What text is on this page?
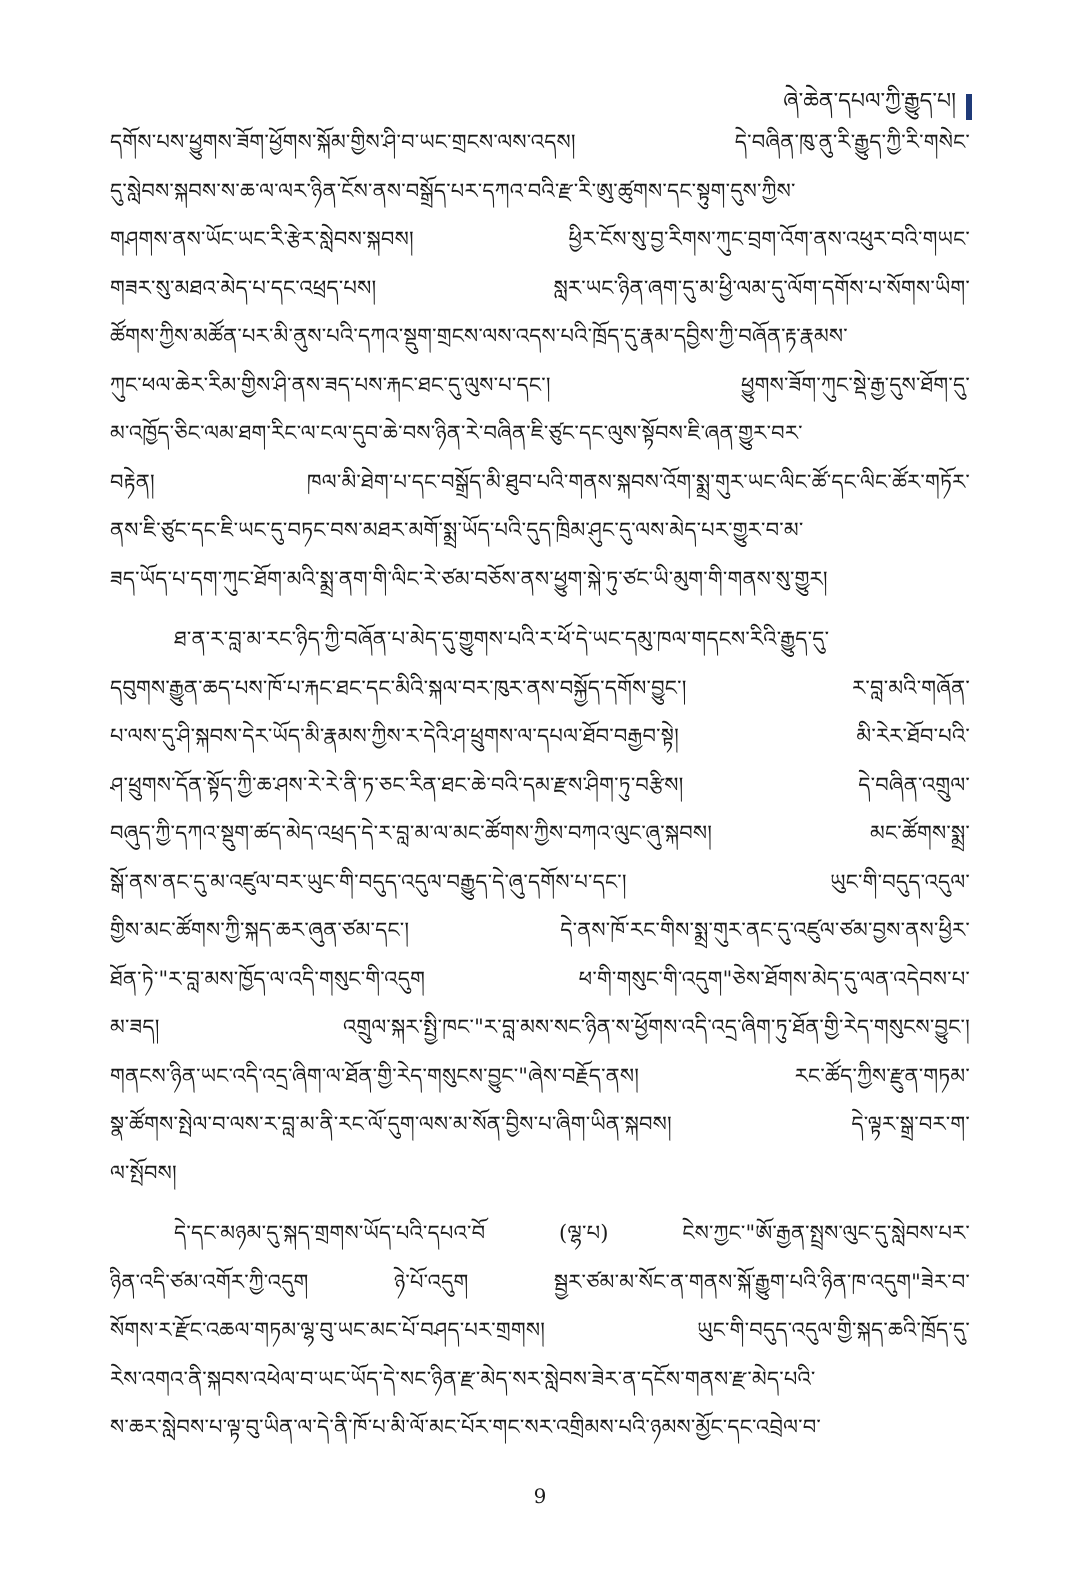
ཞེ་ཆེན་དཔལ་ཀྱི་རྒྱུད་པ།
དགོས་པས་ཕྱུགས་ཟོག་ཕྱོགས་སྐོམ་གྱིས་ཤི་བ་ཡང་གྲངས་ལས་འདས། དེ་བཞིན་ཁུ་ནུ་རི་རྒྱུད་ཀྱི་རི་གསེང་
དུ་སླེབས་སྐབས་ས་ཆ་ལ་ལར་ཉིན་ངོས་ནས་བསྒྲོད་པར་དཀའ་བའི་རྫ་རི་ཨུ་ཚུགས་དང་སྟུག་དུས་ཀྱིས་
གཤགས་ནས་ཡོང་ཡང་རི་རྩེར་སླེབས་སྐབས། ཕྱིར་ངོས་སུ་བྱ་རིགས་ཀུང་བྲག་འོག་ནས་འཕུར་བའི་གཡང་
གཟར་སུ་མཐའ་མེད་པ་དང་འཕྲད་པས། སླར་ཡང་ཉིན་ཞག་དུ་མ་ཕྱི་ལམ་དུ་ལོག་དགོས་པ་སོགས་ཡིག་
ཚོགས་ཀྱིས་མཚོན་པར་མི་ནུས་པའི་དཀའ་སྡུག་གྲངས་ལས་འདས་པའི་ཁྲོད་དུ་རྣམ་དབྱིས་ཀྱི་བཞོན་རྟ་རྣམས་
ཀུང་ཕལ་ཆེར་རིམ་གྱིས་ཤི་ནས་ཟད་པས་རྐང་ཐང་དུ་ལུས་པ་དང་། ཕྱུགས་ཟོག་ཀུང་སྡེ་རྒྱ་དུས་ཐོག་དུ་
མ་འཁྱོད་ཅིང་ལམ་ཐག་རིང་ལ་ངལ་དུབ་ཆེ་བས་ཉིན་རེ་བཞིན་ཇི་ཙུང་དང་ལུས་སྟོབས་ཇི་ཞན་གྱུར་བར་
བརྟེན། ཁལ་མི་ཐེག་པ་དང་བསྒྲོད་མི་ཐུབ་པའི་གནས་སྐབས་འོག་སྨྲ་གུར་ཡང་ལིང་ཚོ་དང་ལིང་ཚོར་གཏོར་
ནས་ཇི་ཙུང་དང་ཇི་ཡང་དུ་བཏང་བས་མཐར་མགོ་སྨྲ་ཡོད་པའི་དུད་ཁྲིམ་ཤུང་དུ་ལས་མེད་པར་གྱུར་བ་མ་
ཟད་ཡོད་པ་དག་ཀུང་ཐོག་མའི་སྨྲ་ནག་གི་ལིང་རེ་ཙམ་བཅོས་ནས་ཕྱུག་སྐེ་ཏུ་ཙང་ཡི་མུག་གི་གནས་སུ་གྱུར།
ཐ་ན་ར་བླ་མ་རང་ཉིད་ཀྱི་བཞོན་པ་མེད་དུ་གྱུགས་པའི་ར་ཕོ་དེ་ཡང་དམུ་ཁལ་གདངས་རིའི་རྒྱུད་དུ་
དབུགས་རྒྱུན་ཆད་པས་ཁོ་པ་རྐང་ཐང་དང་མིའི་སྐལ་བར་ཁུར་ནས་བསྐྱོད་དགོས་བྱུང་། ར་བླ་མའི་གཞོན་
པ་ལས་དུ་ཤི་སྐབས་དེར་ཡོད་མི་རྣམས་ཀྱིས་ར་དེའི་ཤ་ཕྲུགས་ལ་དཔལ་ཐོབ་བརྒྱབ་སྟེ། མི་རེར་ཐོབ་པའི་
ཤ་ཕྲུགས་དོན་སྟོད་ཀྱི་ཆ་ཤས་རེ་རེ་ནི་ཏ་ཅང་རིན་ཐང་ཆེ་བའི་དམ་རྫས་ཤིག་ཏུ་བརྩིས། དེ་བཞིན་འགྲུལ་
བཞུད་ཀྱི་དཀའ་སྡུག་ཚད་མེད་འཕྲད་དེ་ར་བླ་མ་ལ་མང་ཚོགས་ཀྱིས་བཀའ་ལུང་ཞུ་སྐབས། མང་ཚོགས་སྨྲ་
སྒོ་ནས་ནང་དུ་མ་འཛུལ་བར་ཡུང་གི་བདུད་འདུལ་བརྒྱུད་དེ་ཞུ་དགོས་པ་དང་། ཡུང་གི་བདུད་འདུལ་
གྱིས་མང་ཚོགས་ཀྱི་སྐད་ཆར་ཞུན་ཙམ་དང་། དེ་ནས་ཁོ་རང་གིས་སྨྲ་གུར་ནང་དུ་འཛུལ་ཙམ་བྱས་ནས་ཕྱིར་
ཐོན་ཏེ་"ར་བླ་མས་ཁྱོད་ལ་འདི་གསུང་གི་འདུག ཕ་གི་གསུང་གི་འདུག"ཅེས་ཐོགས་མེད་དུ་ལན་འདེབས་པ་
མ་ཟད། འགྲུལ་སྐར་སྤྱི་ཁང་"ར་བླ་མས་སང་ཉིན་ས་ཕྱོགས་འདི་འདྲ་ཞིག་ཏུ་ཐོན་གྱི་རེད་གསུངས་བྱུང་།
གནངས་ཉིན་ཡང་འདི་འདྲ་ཞིག་ལ་ཐོན་གྱི་རེད་གསུངས་བྱུང་"ཞེས་བརྗོད་ནས། རང་ཚོད་ཀྱིས་རྫུན་གཏམ་
སྣ་ཚོགས་སྤེལ་བ་ལས་ར་བླ་མ་ནི་རང་ལོ་དུག་ལས་མ་སོན་བྱིས་པ་ཞིག་ཡིན་སྐབས། དེ་ལྟར་སྒྲ་བར་ག་
ལ་སྤོབས།
དེ་དང་མཉམ་དུ་སྐད་གྲགས་ཡོད་པའི་དཔའ་བོ (ལྷ་པ) ངེས་ཀྱང་"ཨོ་རྒྱན་སྤྲས་ལུང་དུ་སླེབས་པར་
ཉིན་འདི་ཙམ་འགོར་ཀྱི་འདུག ཉེ་པོ་འདུག སྦྱར་ཙམ་མ་སོང་ན་གནས་སྐོ་རྒྱུག་པའི་ཉིན་ཁ་འདུག"ཟེར་བ་
སོགས་ར་རྫོང་འཆལ་གཏམ་ལྷ་བུ་ཡང་མང་པོ་བཤད་པར་གྲགས། ཡུང་གི་བདུད་འདུལ་གྱི་སྐད་ཆའི་ཁྲོད་དུ་
རེས་འགའ་ནི་སྐབས་འཕེལ་བ་ཡང་ཡོད་དེ་སང་ཉིན་རྫ་མེད་སར་སླེབས་ཟེར་ན་དངོས་གནས་རྫ་མེད་པའི་
ས་ཆར་སླེབས་པ་ལྟ་བུ་ཡིན་ལ་དེ་ནི་ཁོ་པ་མི་ལོ་མང་པོར་གང་སར་འགྲིམས་པའི་ཉམས་མྱོང་དང་འབྲེལ་བ་
9
